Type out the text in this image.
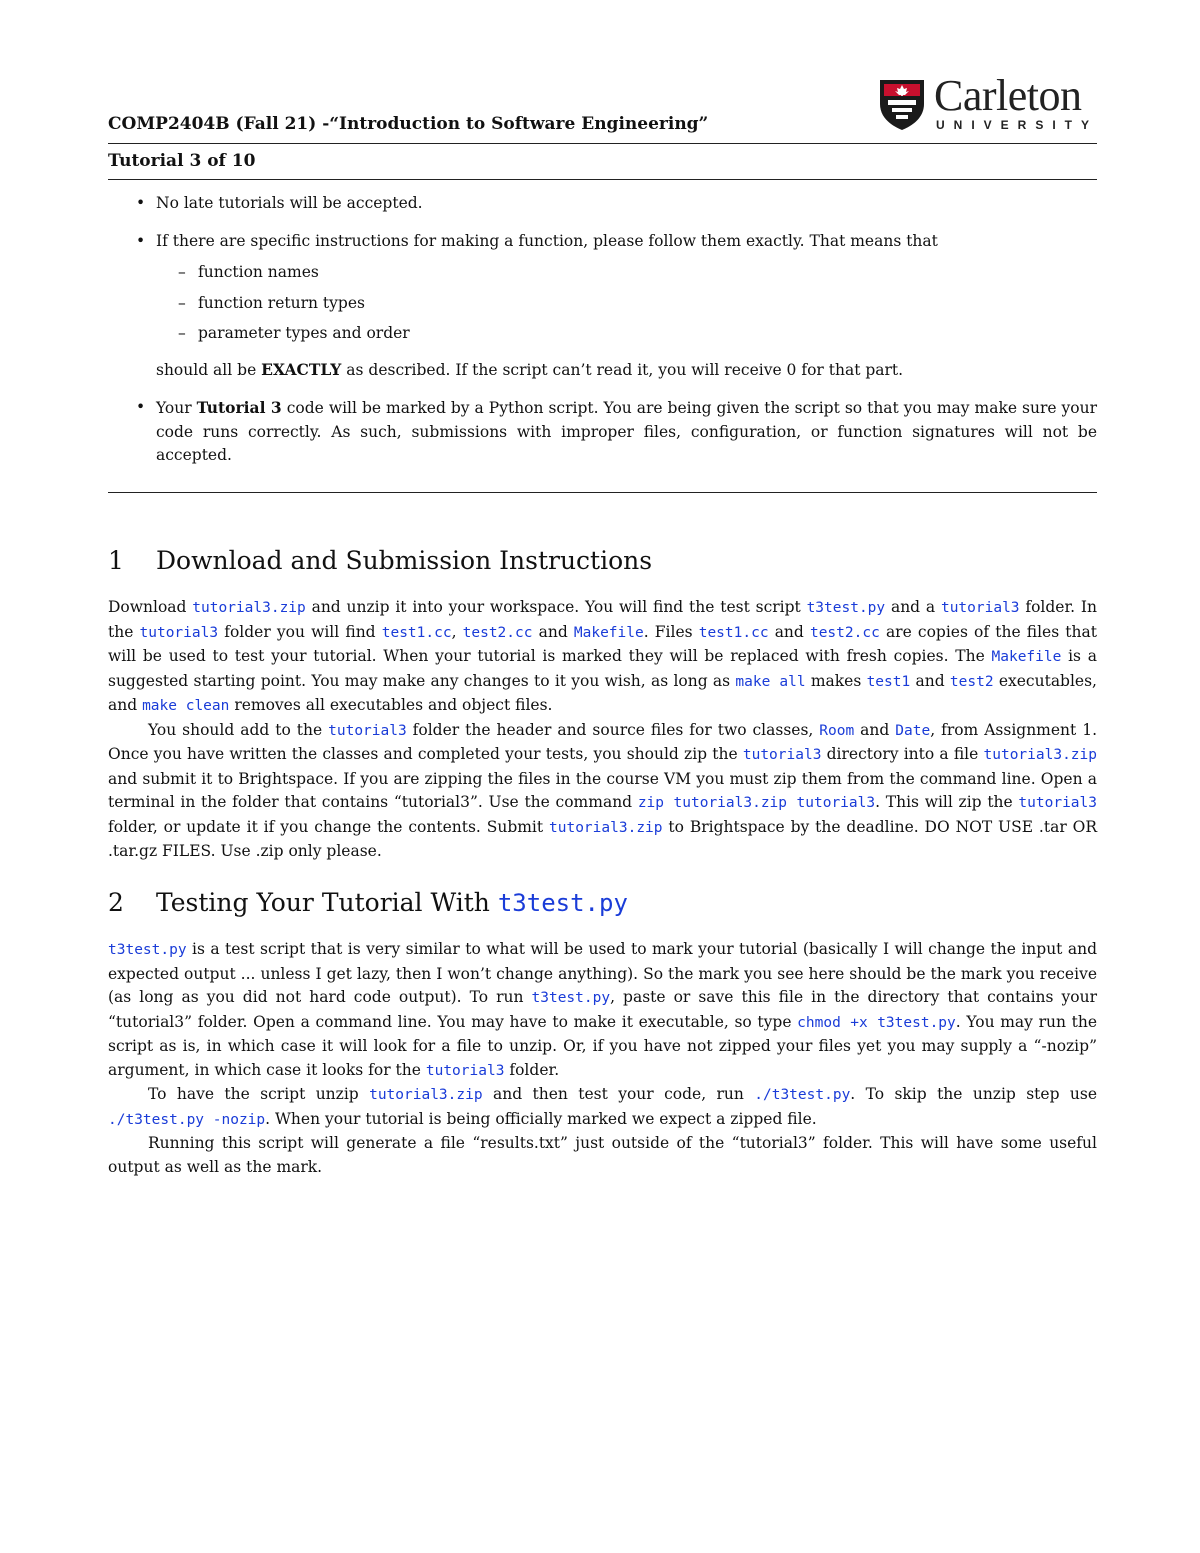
Carleton
UNIVERSITY
COMP2404B (Fall 21) -“Introduction to Software Engineering”
Tutorial 3 of 10
• No late tutorials will be accepted.
• If there are specific instructions for making a function, please follow them exactly. That means that
– function names
– function return types
– parameter types and order
should all be EXACTLY as described. If the script can’t read it, you will receive 0 for that part.
• Your Tutorial 3 code will be marked by a Python script. You are being given the script so that you may make sure your code runs correctly. As such, submissions with improper files, configuration, or function signatures will not be accepted.
1 Download and Submission Instructions

Download tutorial3.zip and unzip it into your workspace. You will find the test script t3test.py and a tutorial3 folder. In the tutorial3 folder you will find test1.cc, test2.cc and Makefile. Files test1.cc and test2.cc are copies of the files that will be used to test your tutorial. When your tutorial is marked they will be replaced with fresh copies. The Makefile is a suggested starting point. You may make any changes to it you wish, as long as make all makes test1 and test2 executables, and make clean removes all executables and object files.

You should add to the tutorial3 folder the header and source files for two classes, Room and Date, from Assignment 1. Once you have written the classes and completed your tests, you should zip the tutorial3 directory into a file tutorial3.zip and submit it to Brightspace. If you are zipping the files in the course VM you must zip them from the command line. Open a terminal in the folder that contains “tutorial3”. Use the command zip tutorial3.zip tutorial3. This will zip the tutorial3 folder, or update it if you change the contents. Submit tutorial3.zip to Brightspace by the deadline. DO NOT USE .tar OR .tar.gz FILES. Use .zip only please.

2 Testing Your Tutorial With t3test.py

t3test.py is a test script that is very similar to what will be used to mark your tutorial (basically I will change the input and expected output ... unless I get lazy, then I won’t change anything). So the mark you see here should be the mark you receive (as long as you did not hard code output). To run t3test.py, paste or save this file in the directory that contains your “tutorial3” folder. Open a command line. You may have to make it executable, so type chmod +x t3test.py. You may run the script as is, in which case it will look for a file to unzip. Or, if you have not zipped your files yet you may supply a “-nozip” argument, in which case it looks for the tutorial3 folder.

To have the script unzip tutorial3.zip and then test your code, run ./t3test.py. To skip the unzip step use ./t3test.py -nozip. When your tutorial is being officially marked we expect a zipped file.

Running this script will generate a file “results.txt” just outside of the “tutorial3” folder. This will have some useful output as well as the mark.
